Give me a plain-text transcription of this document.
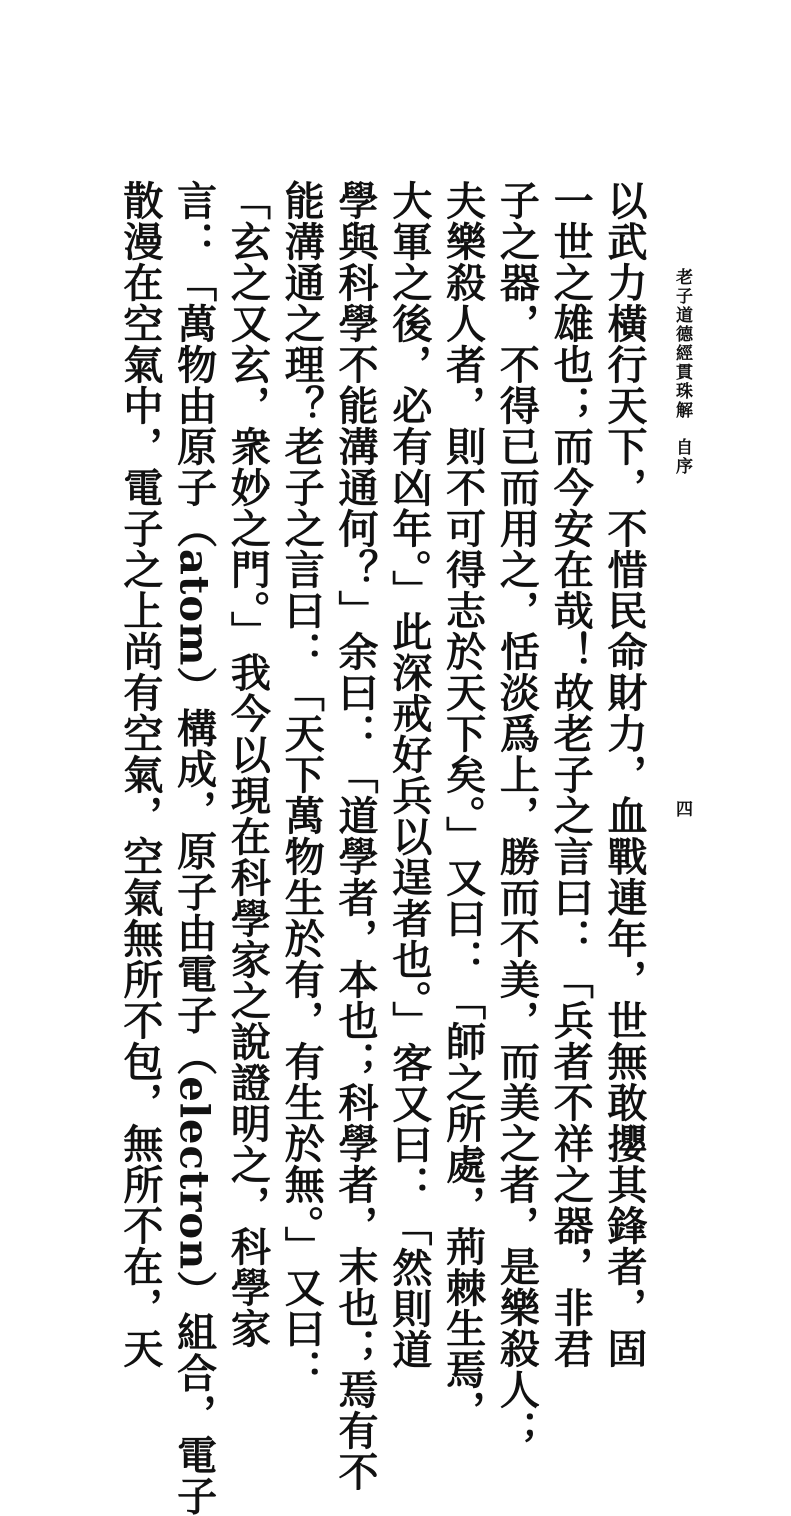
老子道德經貫珠解
自序
四
以武力橫行天下，不惜民命財力，血戰連年，世無敢攖其鋒者，固
一世之雄也；而今安在哉！故老子之言曰：「兵者不祥之器，非君
子之器，不得已而用之，恬淡爲上，勝而不美，而美之者，是樂殺人；
夫樂殺人者，則不可得志於天下矣。」又曰：「師之所處，荊棘生焉，
大軍之後，必有凶年。」此深戒好兵以逞者也。」客又曰：「然則道
學與科學不能溝通何？」余曰：「道學者，本也；科學者，末也；焉有不
能溝通之理？老子之言曰：「天下萬物生於有，有生於無。」又曰：
「玄之又玄，衆妙之門。」我今以現在科學家之說證明之，科學家
言：「萬物由原子（atom）構成，原子由電子（electron）組合，電子
散漫在空氣中，電子之上尚有空氣，空氣無所不包，無所不在，天
